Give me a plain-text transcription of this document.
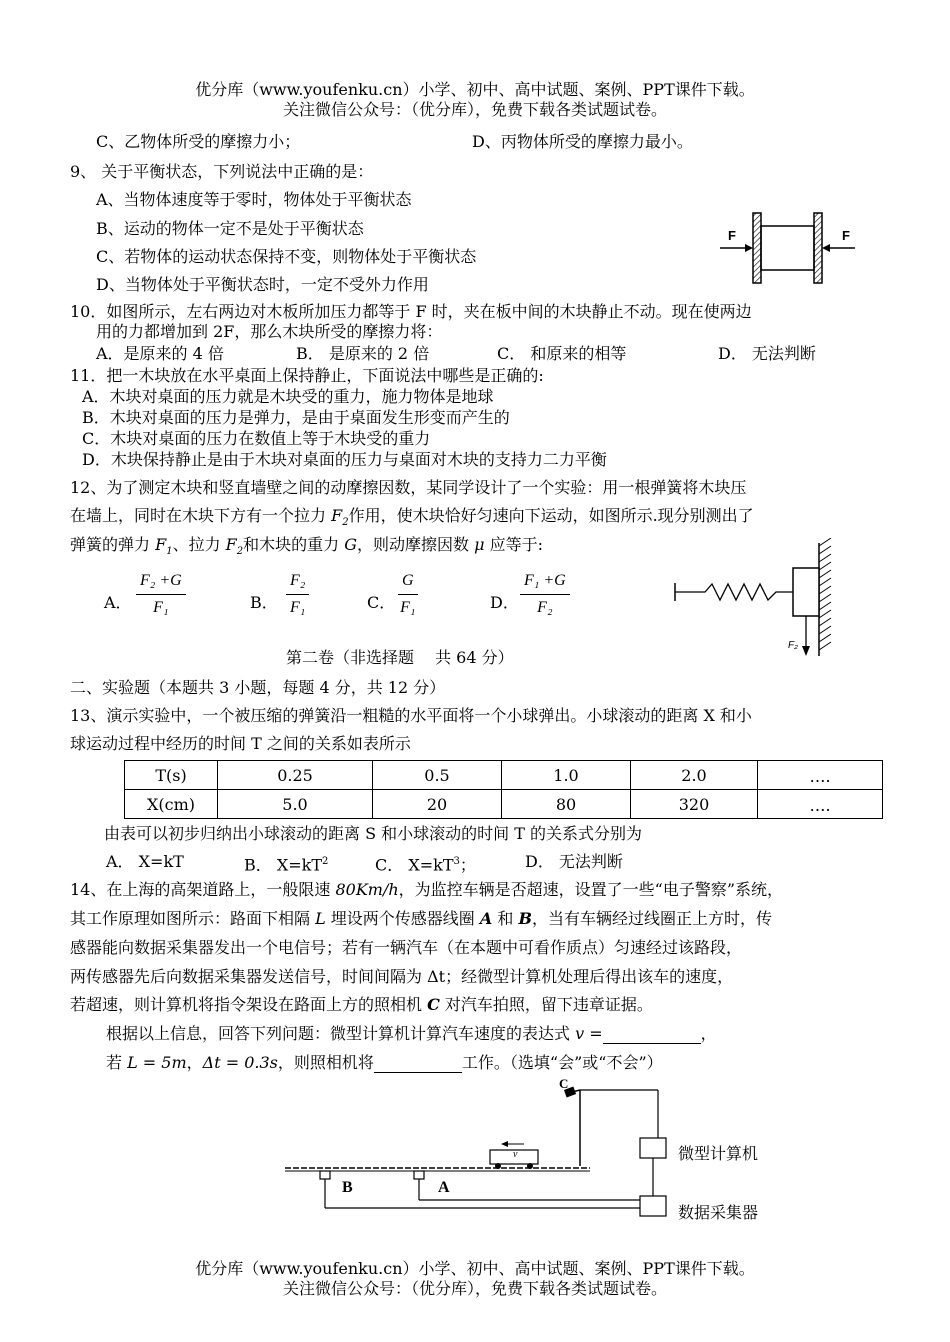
优分库（www.youfenku.cn）小学、初中、高中试题、案例、PPT课件下载。
关注微信公众号：（优分库），免费下载各类试题试卷。
C、乙物体所受的摩擦力小；	D、丙物体所受的摩擦力最小。
9、 关于平衡状态，下列说法中正确的是：
A、当物体速度等于零时，物体处于平衡状态
B、运动的物体一定不是处于平衡状态
C、若物体的运动状态保持不变，则物体处于平衡状态
D、当物体处于平衡状态时，一定不受外力作用
F	F
10．如图所示，左右两边对木板所加压力都等于 F 时，夹在板中间的木块静止不动。现在使两边
用的力都增加到 2F，那么木块所受的摩擦力将：
A．是原来的 4 倍	B． 是原来的 2 倍	C． 和原来的相等	D． 无法判断
11．把一木块放在水平桌面上保持静止，下面说法中哪些是正确的:
A．木块对桌面的压力就是木块受的重力，施力物体是地球
B．木块对桌面的压力是弹力，是由于桌面发生形变而产生的
C．木块对桌面的压力在数值上等于木块受的重力
D．木块保持静止是由于木块对桌面的压力与桌面对木块的支持力二力平衡
12、为了测定木块和竖直墙壁之间的动摩擦因数，某同学设计了一个实验：用一根弹簧将木块压
在墙上，同时在木块下方有一个拉力 $F_2$作用，使木块恰好匀速向下运动，如图所示.现分别测出了
弹簧的弹力 $F_1$、拉力 $F_2$和木块的重力 G，则动摩擦因数 μ 应等于:
A． $\frac{\text{F₂ +G}}{\text{F₁}}$	B． $\frac{\text{F₂}}{\text{F₁}}$	C． $\frac{G}{\text{F₁}}$	D． $\frac{\text{F₁ +G}}{\text{F₂}}$
F₂
第二卷（非选择题　 共 64 分）
二、实验题（本题共 3 小题，每题 4 分，共 12 分）
13、演示实验中，一个被压缩的弹簧沿一粗糙的水平面将一个小球弹出。小球滚动的距离 X 和小
球运动过程中经历的时间 T 之间的关系如表所示
T(s)	0.25	0.5	1.0	2.0	….　
X(cm)	5.0	20	80	320	….　
由表可以初步归纳出小球滚动的距离 S 和小球滚动的时间 T 的关系式分别为
A． X=kT	B． $X=kT^2$	C． $X=kT^3$；	D． 无法判断
14、在上海的高架道路上，一般限速 80Km/h，为监控车辆是否超速，设置了一些“电子警察”系统，
其工作原理如图所示：路面下相隔 L 埋设两个传感器线圈 A 和 B，当有车辆经过线圈正上方时，传
感器能向数据采集器发出一个电信号；若有一辆汽车（在本题中可看作质点）匀速经过该路段，
两传感器先后向数据采集器发送信号，时间间隔为 Δt；经微型计算机处理后得出该车的速度，
若超速，则计算机将指令架设在路面上方的照相机 C 对汽车拍照，留下违章证据。
根据以上信息，回答下列问题：微型计算机计算汽车速度的表达式 v =	，
若 L = 5m，Δt = 0.3s，则照相机将	工作。（选填“会”或“不会”）
C
v
B	A
微型计算机
数据采集器
优分库（www.youfenku.cn）小学、初中、高中试题、案例、PPT课件下载。
关注微信公众号：（优分库），免费下载各类试题试卷。
